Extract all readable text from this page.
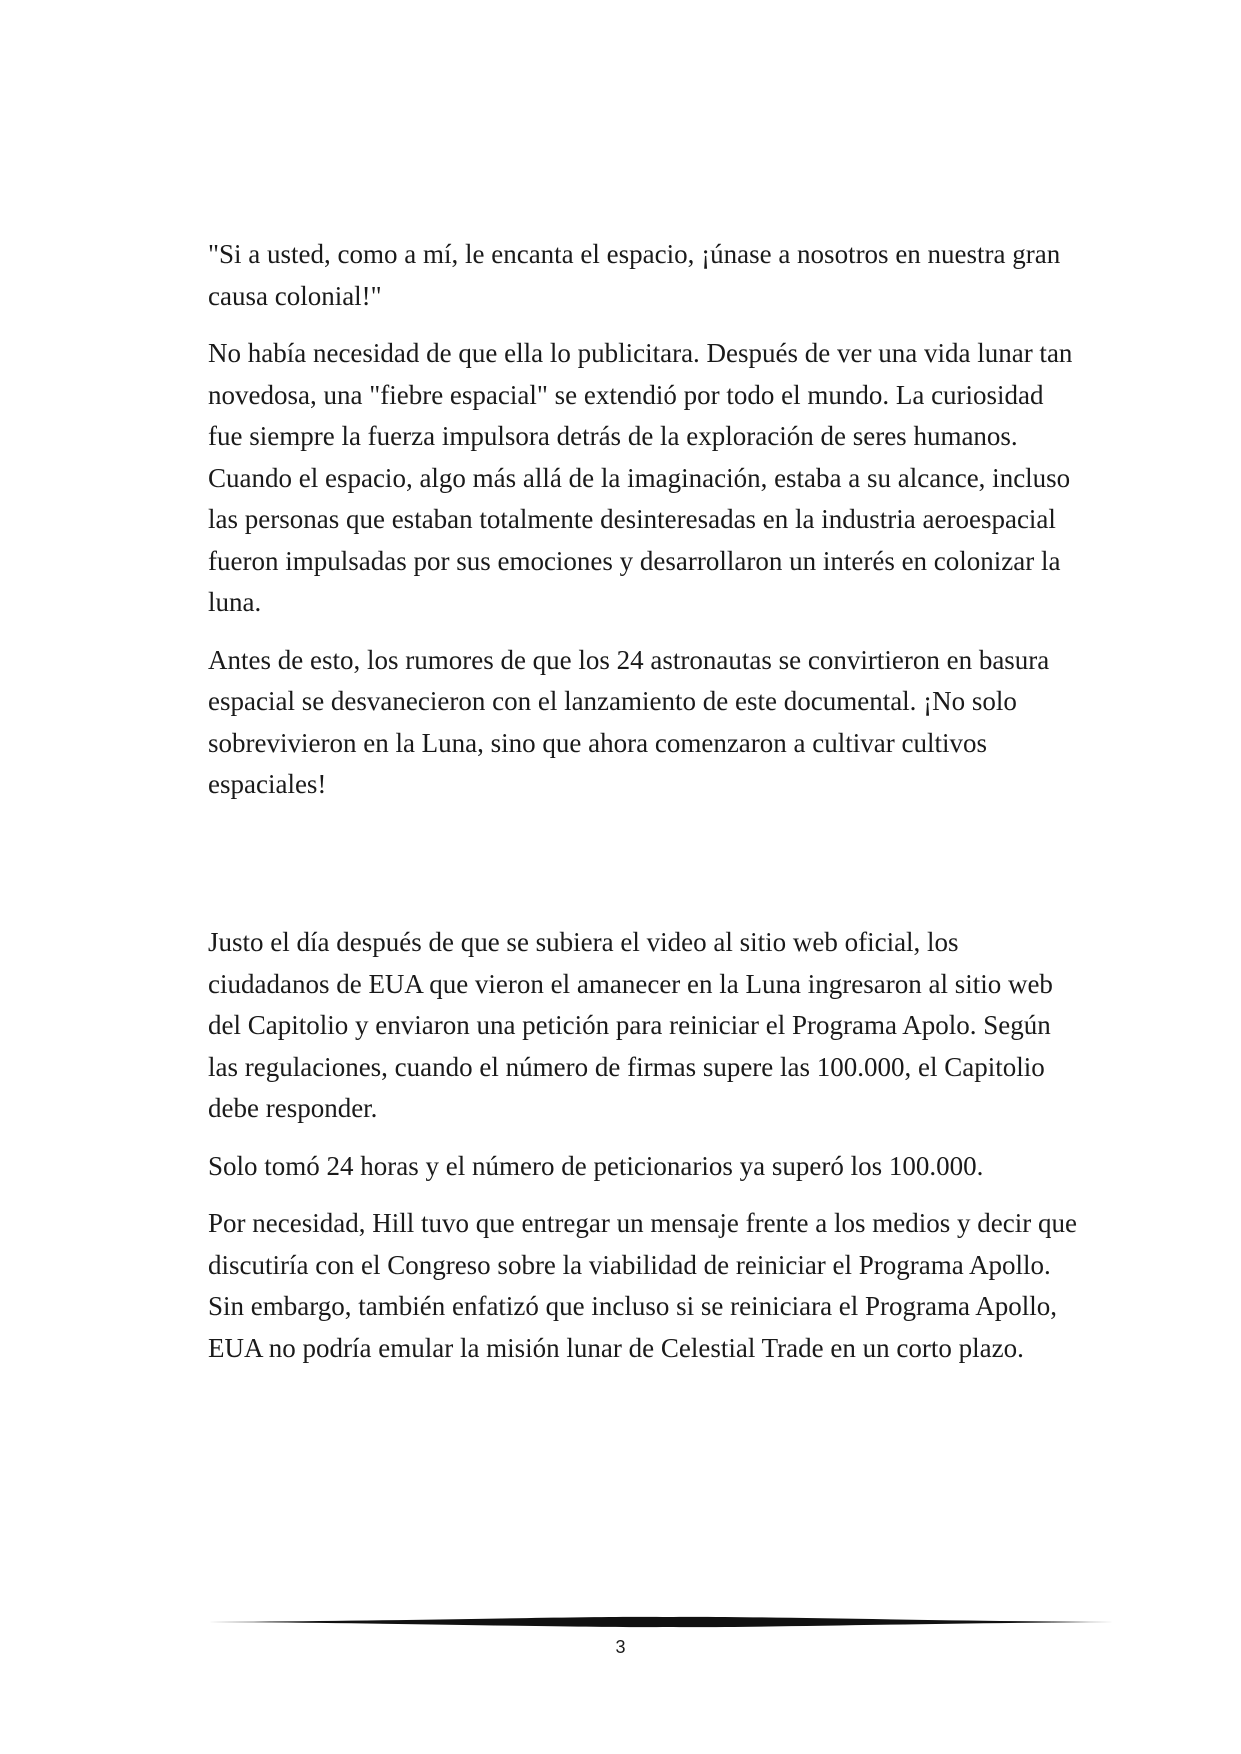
"Si a usted, como a mí, le encanta el espacio, ¡únase a nosotros en nuestra gran causa colonial!"

No había necesidad de que ella lo publicitara. Después de ver una vida lunar tan novedosa, una "fiebre espacial" se extendió por todo el mundo. La curiosidad fue siempre la fuerza impulsora detrás de la exploración de seres humanos. Cuando el espacio, algo más allá de la imaginación, estaba a su alcance, incluso las personas que estaban totalmente desinteresadas en la industria aeroespacial fueron impulsadas por sus emociones y desarrollaron un interés en colonizar la luna.

Antes de esto, los rumores de que los 24 astronautas se convirtieron en basura espacial se desvanecieron con el lanzamiento de este documental. ¡No solo sobrevivieron en la Luna, sino que ahora comenzaron a cultivar cultivos espaciales!

Justo el día después de que se subiera el video al sitio web oficial, los ciudadanos de EUA que vieron el amanecer en la Luna ingresaron al sitio web del Capitolio y enviaron una petición para reiniciar el Programa Apolo. Según las regulaciones, cuando el número de firmas supere las 100.000, el Capitolio debe responder.

Solo tomó 24 horas y el número de peticionarios ya superó los 100.000.

Por necesidad, Hill tuvo que entregar un mensaje frente a los medios y decir que discutiría con el Congreso sobre la viabilidad de reiniciar el Programa Apollo. Sin embargo, también enfatizó que incluso si se reiniciara el Programa Apollo, EUA no podría emular la misión lunar de Celestial Trade en un corto plazo.

3
